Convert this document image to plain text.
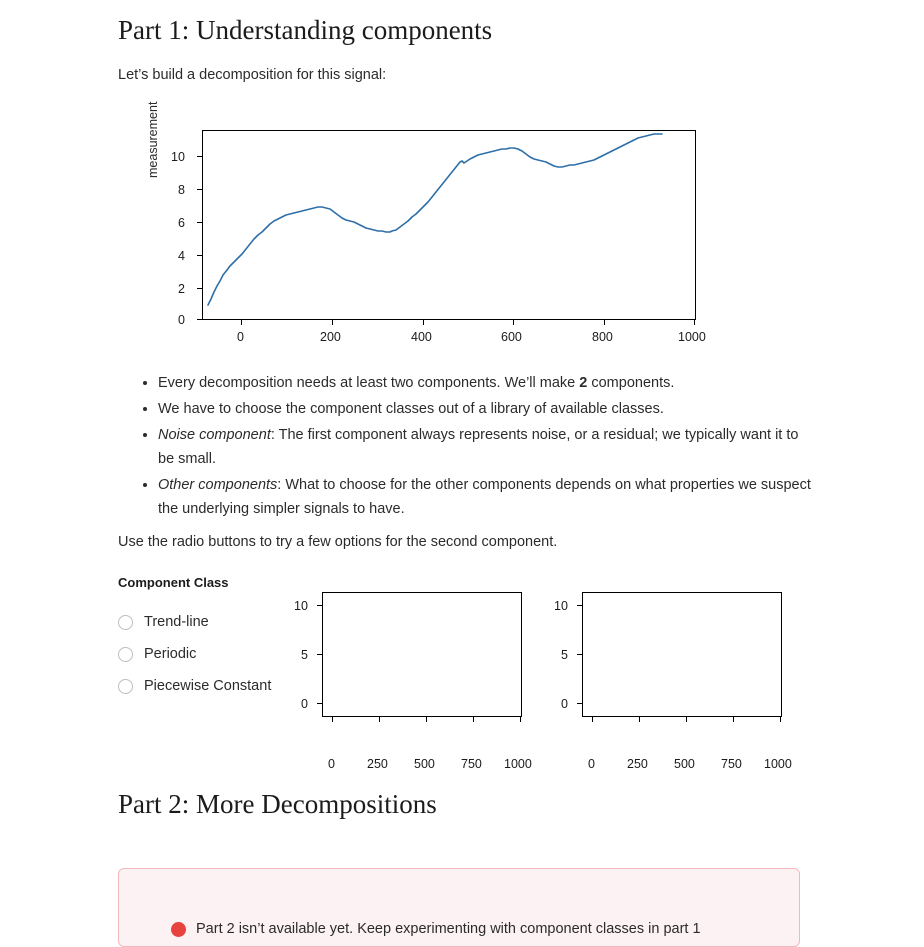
Part 1: Understanding components
Let’s build a decomposition for this signal:
measurement
0
2
4
6
8
10
0	200	400	600	800	1000
• Every decomposition needs at least two components. We’ll make 2 components.
• We have to choose the component classes out of a library of available classes.
• Noise component: The first component always represents noise, or a residual; we typically want it to be small.
• Other components: What to choose for the other components depends on what properties we suspect the underlying simpler signals to have.
Use the radio buttons to try a few options for the second component.
Component Class
Trend-line
Periodic
Piecewise Constant
0
5
10
0	250 500 750 1000
0
5
10
0	250 500 750 1000
Part 2: More Decompositions
Part 2 isn’t available yet. Keep experimenting with component classes in part 1
